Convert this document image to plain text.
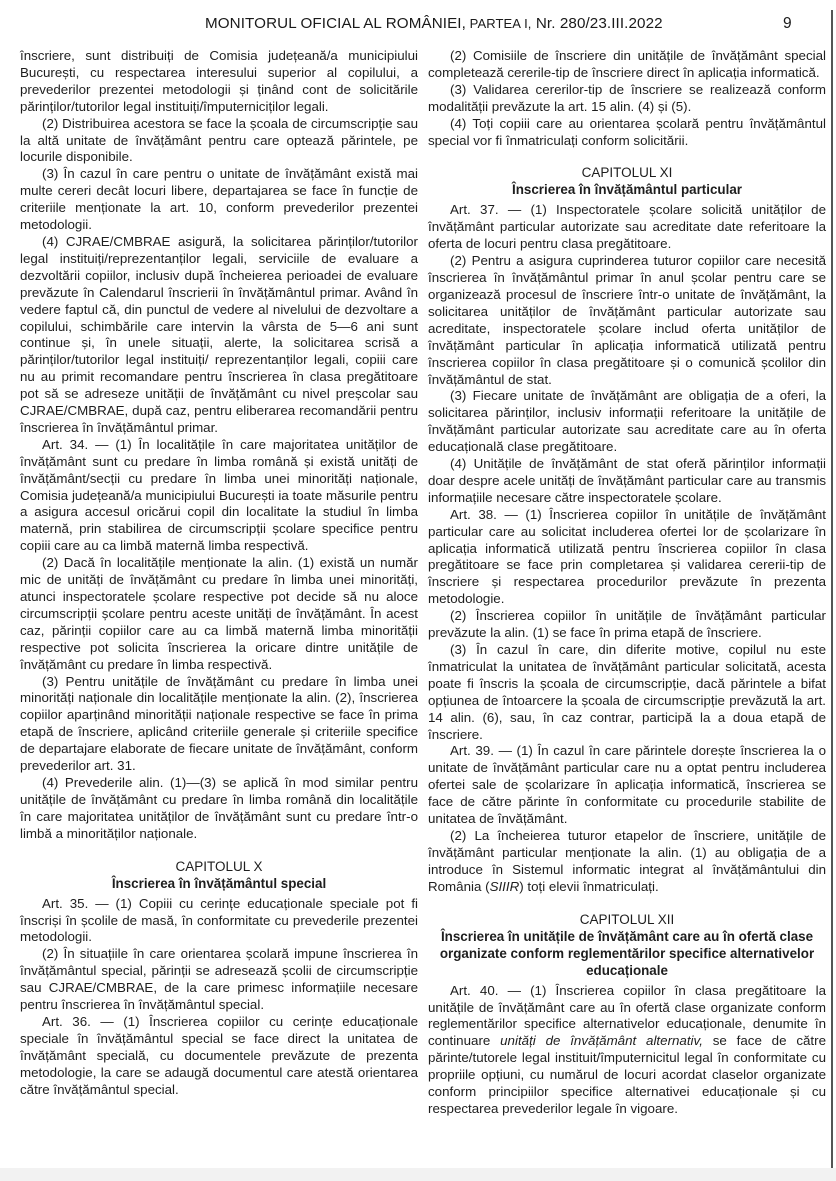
MONITORUL OFICIAL AL ROMÂNIEI, PARTEA I, Nr. 280/23.III.2022	9

înscriere, sunt distribuiți de Comisia județeană/a municipiului București, cu respectarea interesului superior al copilului, a prevederilor prezentei metodologii și ținând cont de solicitările părinților/tutorilor legal instituiți/împuterniciților legali.

(2) Distribuirea acestora se face la școala de circumscripție sau la altă unitate de învățământ pentru care optează părintele, pe locurile disponibile.

(3) În cazul în care pentru o unitate de învățământ există mai multe cereri decât locuri libere, departajarea se face în funcție de criteriile menționate la art. 10, conform prevederilor prezentei metodologii.

(4) CJRAE/CMBRAE asigură, la solicitarea părinților/tutorilor legal instituiți/reprezentanților legali, serviciile de evaluare a dezvoltării copiilor, inclusiv după încheierea perioadei de evaluare prevăzute în Calendarul înscrierii în învățământul primar. Având în vedere faptul că, din punctul de vedere al nivelului de dezvoltare a copilului, schimbările care intervin la vârsta de 5—6 ani sunt continue și, în unele situații, alerte, la solicitarea scrisă a părinților/tutorilor legal instituiți/ reprezentanților legali, copiii care nu au primit recomandare pentru înscrierea în clasa pregătitoare pot să se adreseze unității de învățământ cu nivel preșcolar sau CJRAE/CMBRAE, după caz, pentru eliberarea recomandării pentru înscrierea în învățământul primar.

Art. 34. — (1) În localitățile în care majoritatea unităților de învățământ sunt cu predare în limba română și există unități de învățământ/secții cu predare în limba unei minorități naționale, Comisia județeană/a municipiului București ia toate măsurile pentru a asigura accesul oricărui copil din localitate la studiul în limba maternă, prin stabilirea de circumscripții școlare specifice pentru copiii care au ca limbă maternă limba respectivă.

(2) Dacă în localitățile menționate la alin. (1) există un număr mic de unități de învățământ cu predare în limba unei minorități, atunci inspectoratele școlare respective pot decide să nu aloce circumscripții școlare pentru aceste unități de învățământ. În acest caz, părinții copiilor care au ca limbă maternă limba minorității respective pot solicita înscrierea la oricare dintre unitățile de învățământ cu predare în limba respectivă.

(3) Pentru unitățile de învățământ cu predare în limba unei minorități naționale din localitățile menționate la alin. (2), înscrierea copiilor aparținând minorității naționale respective se face în prima etapă de înscriere, aplicând criteriile generale și criteriile specifice de departajare elaborate de fiecare unitate de învățământ, conform prevederilor art. 31.

(4) Prevederile alin. (1)—(3) se aplică în mod similar pentru unitățile de învățământ cu predare în limba română din localitățile în care majoritatea unităților de învățământ sunt cu predare într-o limbă a minorităților naționale.

CAPITOLUL X
Înscrierea în învățământul special

Art. 35. — (1) Copiii cu cerințe educaționale speciale pot fi înscriși în școlile de masă, în conformitate cu prevederile prezentei metodologii.

(2) În situațiile în care orientarea școlară impune înscrierea în învățământul special, părinții se adresează școlii de circumscripție sau CJRAE/CMBRAE, de la care primesc informațiile necesare pentru înscrierea în învățământul special.

Art. 36. — (1) Înscrierea copiilor cu cerințe educaționale speciale în învățământul special se face direct la unitatea de învățământ specială, cu documentele prevăzute de prezenta metodologie, la care se adaugă documentul care atestă orientarea către învățământul special.

(2) Comisiile de înscriere din unitățile de învățământ special completează cererile-tip de înscriere direct în aplicația informatică.

(3) Validarea cererilor-tip de înscriere se realizează conform modalității prevăzute la art. 15 alin. (4) și (5).

(4) Toți copiii care au orientarea școlară pentru învățământul special vor fi înmatriculați conform solicitării.

CAPITOLUL XI
Înscrierea în învățământul particular

Art. 37. — (1) Inspectoratele școlare solicită unităților de învățământ particular autorizate sau acreditate date referitoare la oferta de locuri pentru clasa pregătitoare.

(2) Pentru a asigura cuprinderea tuturor copiilor care necesită înscrierea în învățământul primar în anul școlar pentru care se organizează procesul de înscriere într-o unitate de învățământ, la solicitarea unităților de învățământ particular autorizate sau acreditate, inspectoratele școlare includ oferta unităților de învățământ particular în aplicația informatică utilizată pentru înscrierea copiilor în clasa pregătitoare și o comunică școlilor din învățământul de stat.

(3) Fiecare unitate de învățământ are obligația de a oferi, la solicitarea părinților, inclusiv informații referitoare la unitățile de învățământ particular autorizate sau acreditate care au în oferta educațională clase pregătitoare.

(4) Unitățile de învățământ de stat oferă părinților informații doar despre acele unități de învățământ particular care au transmis informațiile necesare către inspectoratele școlare.

Art. 38. — (1) Înscrierea copiilor în unitățile de învățământ particular care au solicitat includerea ofertei lor de școlarizare în aplicația informatică utilizată pentru înscrierea copiilor în clasa pregătitoare se face prin completarea și validarea cererii-tip de înscriere și respectarea procedurilor prevăzute în prezenta metodologie.

(2) Înscrierea copiilor în unitățile de învățământ particular prevăzute la alin. (1) se face în prima etapă de înscriere.

(3) În cazul în care, din diferite motive, copilul nu este înmatriculat la unitatea de învățământ particular solicitată, acesta poate fi înscris la școala de circumscripție, dacă părintele a bifat opțiunea de întoarcere la școala de circumscripție prevăzută la art. 14 alin. (6), sau, în caz contrar, participă la a doua etapă de înscriere.

Art. 39. — (1) În cazul în care părintele dorește înscrierea la o unitate de învățământ particular care nu a optat pentru includerea ofertei sale de școlarizare în aplicația informatică, înscrierea se face de către părinte în conformitate cu procedurile stabilite de unitatea de învățământ.

(2) La încheierea tuturor etapelor de înscriere, unitățile de învățământ particular menționate la alin. (1) au obligația de a introduce în Sistemul informatic integrat al învățământului din România (SIIIR) toți elevii înmatriculați.

CAPITOLUL XII
Înscrierea în unitățile de învățământ care au în ofertă clase organizate conform reglementărilor specifice alternativelor educaționale

Art. 40. — (1) Înscrierea copiilor în clasa pregătitoare la unitățile de învățământ care au în ofertă clase organizate conform reglementărilor specifice alternativelor educaționale, denumite în continuare unități de învățământ alternativ, se face de către părinte/tutorele legal instituit/împuternicitul legal în conformitate cu propriile opțiuni, cu numărul de locuri acordat claselor organizate conform principiilor specifice alternativei educaționale și cu respectarea prevederilor legale în vigoare.
